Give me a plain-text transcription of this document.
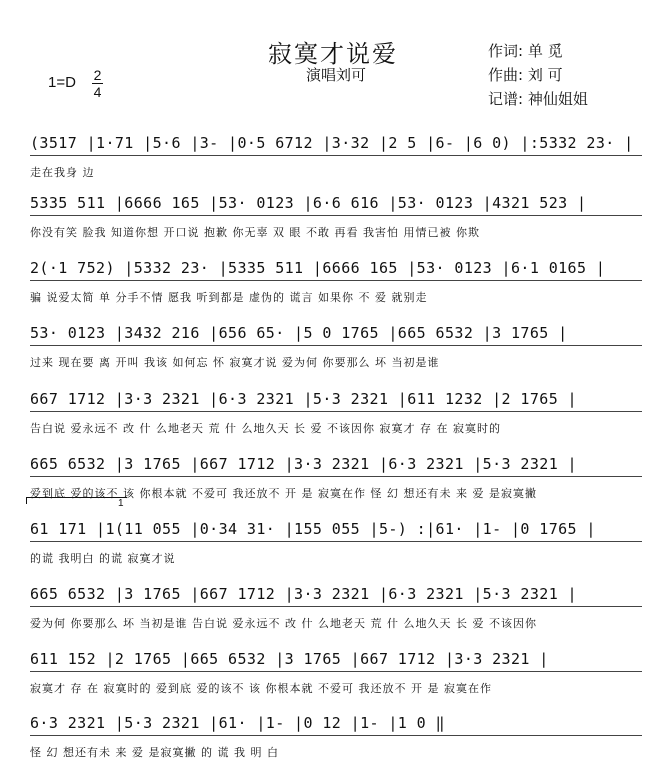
寂寞才说爱
演唱刘可
作词: 单 觅
作曲: 刘 可
记谱: 神仙姐姐
1=D 2
4
(3517 |1·71 |5·6 |3- |0·5 6712 |3·32 |2 5 |6- |6 0) |:5332 23· |
走在我身 边
5335 511 |6666 165 |53· 0123 |6·6 616 |53· 0123 |4321 523 |
你没有笑 脸我 知道你想 开口说 抱歉 你无辜 双 眼 不敢 再看 我害怕 用情已被 你欺
2(·1 752) |5332 23· |5335 511 |6666 165 |53· 0123 |6·1 0165 |
骗 说爱太简 单 分手不情 愿我 听到都是 虚伪的 谎言 如果你 不 爱 就别走
53· 0123 |3432 216 |656 65· |5 0 1765 |665 6532 |3 1765 |
过来 现在要 离 开叫 我该 如何忘 怀 寂寞才说 爱为何 你要那么 坏 当初是谁
667 1712 |3·3 2321 |6·3 2321 |5·3 2321 |611 1232 |2 1765 |
告白说 爱永远不 改 什 么地老天 荒 什 么地久天 长 爱 不该因你 寂寞才 存 在 寂寞时的
665 6532 |3 1765 |667 1712 |3·3 2321 |6·3 2321 |5·3 2321 |
爱到底 爱的该不 该 你根本就 不爱可 我还放不 开 是 寂寞在作 怪 幻 想还有未 来 爱 是寂寞撇
61 171 |1(11 055 |0·34 31· |155 055 |5-) :|61· |1- |0 1765 |
的谎 我明白 的谎 寂寞才说
665 6532 |3 1765 |667 1712 |3·3 2321 |6·3 2321 |5·3 2321 |
爱为何 你要那么 坏 当初是谁 告白说 爱永远不 改 什 么地老天 荒 什 么地久天 长 爱 不该因你
611 152 |2 1765 |665 6532 |3 1765 |667 1712 |3·3 2321 |
寂寞才 存 在 寂寞时的 爱到底 爱的该不 该 你根本就 不爱可 我还放不 开 是 寂寞在作
6·3 2321 |5·3 2321 |61· |1- |0 12 |1- |1 0 ‖
怪 幻 想还有未 来 爱 是寂寞撇 的 谎 我 明 白
1
